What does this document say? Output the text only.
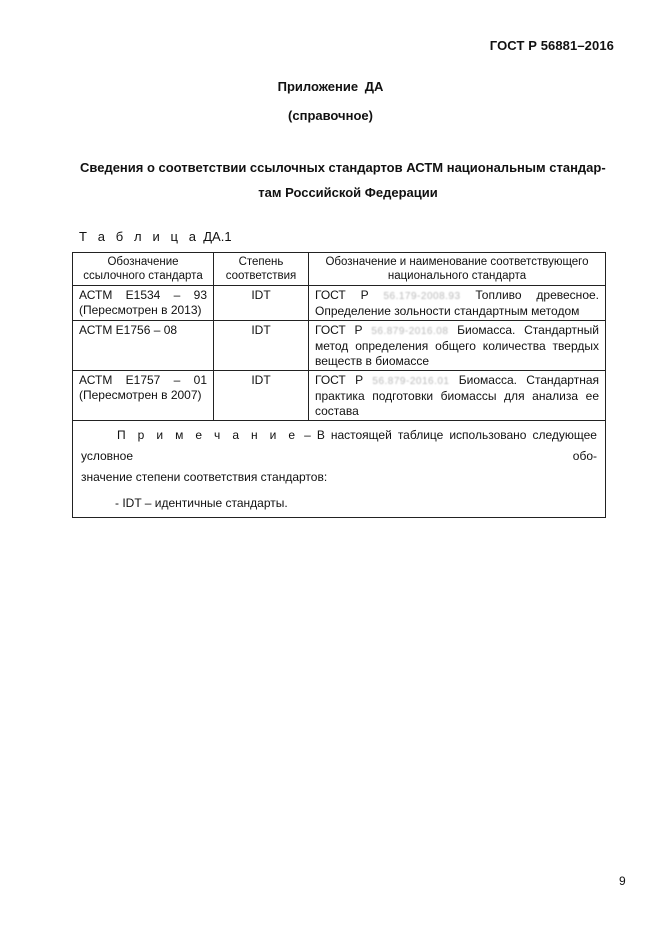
ГОСТ Р 56881–2016
Приложение ДА
(справочное)
Сведения о соответствии ссылочных стандартов АСТМ национальным стандар-
там Российской Федерации
Т а б л и ц а ДА.1
Обозначение ссылочного стандарта	Степень соответствия	Обозначение и наименование соответствующего национального стандарта
АСТМ Е1534 – 93 (Пересмотрен в 2013)	IDT	ГОСТ Р 56.179-2008.93 Топливо древесное. Определение зольности стандартным методом
АСТМ Е1756 – 08	IDT	ГОСТ Р 56.879-2016.08 Биомасса. Стандартный метод определения общего количества твердых веществ в биомассе
АСТМ Е1757 – 01 (Пересмотрен в 2007)	IDT	ГОСТ Р 56.879-2016.01 Биомасса. Стандартная практика подготовки биомассы для анализа ее состава

П р и м е ч а н и е – В настоящей таблице использовано следующее условное обо-
значение степени соответствия стандартов:
- IDT – идентичные стандарты.		
9
